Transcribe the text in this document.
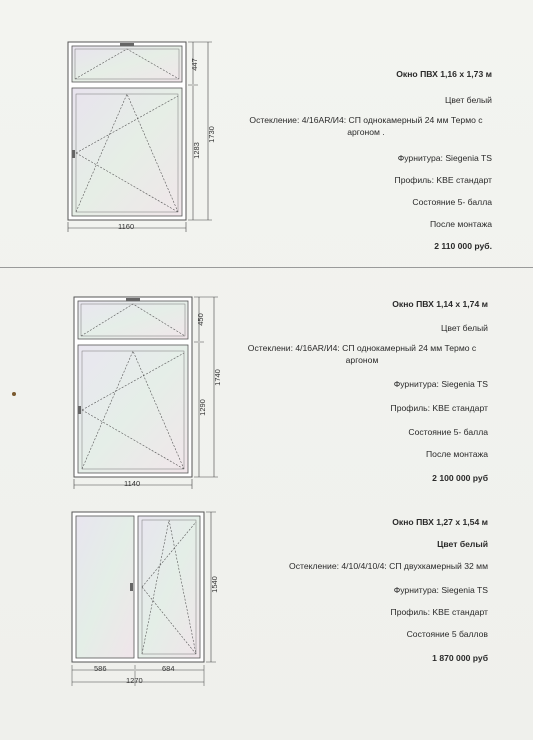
1160
447
1283
1730
Окно ПВХ 1,16 х 1,73 м
Цвет белый
Остекление: 4/16AR/И4: СП однокамерный 24 мм Термо с аргоном .
Фурнитура: Siegenia TS
Профиль: KBE стандарт
Состояние 5- балла
После монтажа
2 110 000 руб.
1140
450
1290
1740
Окно ПВХ 1,14 х 1,74 м
Цвет белый
Остеклени: 4/16AR/И4: СП однокамерный 24 мм Термо с аргоном
Фурнитура: Siegenia TS
Профиль: KBE стандарт
Состояние 5- балла
После монтажа
2 100 000 руб
586	684
1270
1540
Окно ПВХ 1,27 х 1,54 м
Цвет белый
Остекление: 4/10/4/10/4: СП двухкамерный 32 мм
Фурнитура: Siegenia TS
Профиль: KBE стандарт
Состояние 5 баллов
1 870 000 руб
